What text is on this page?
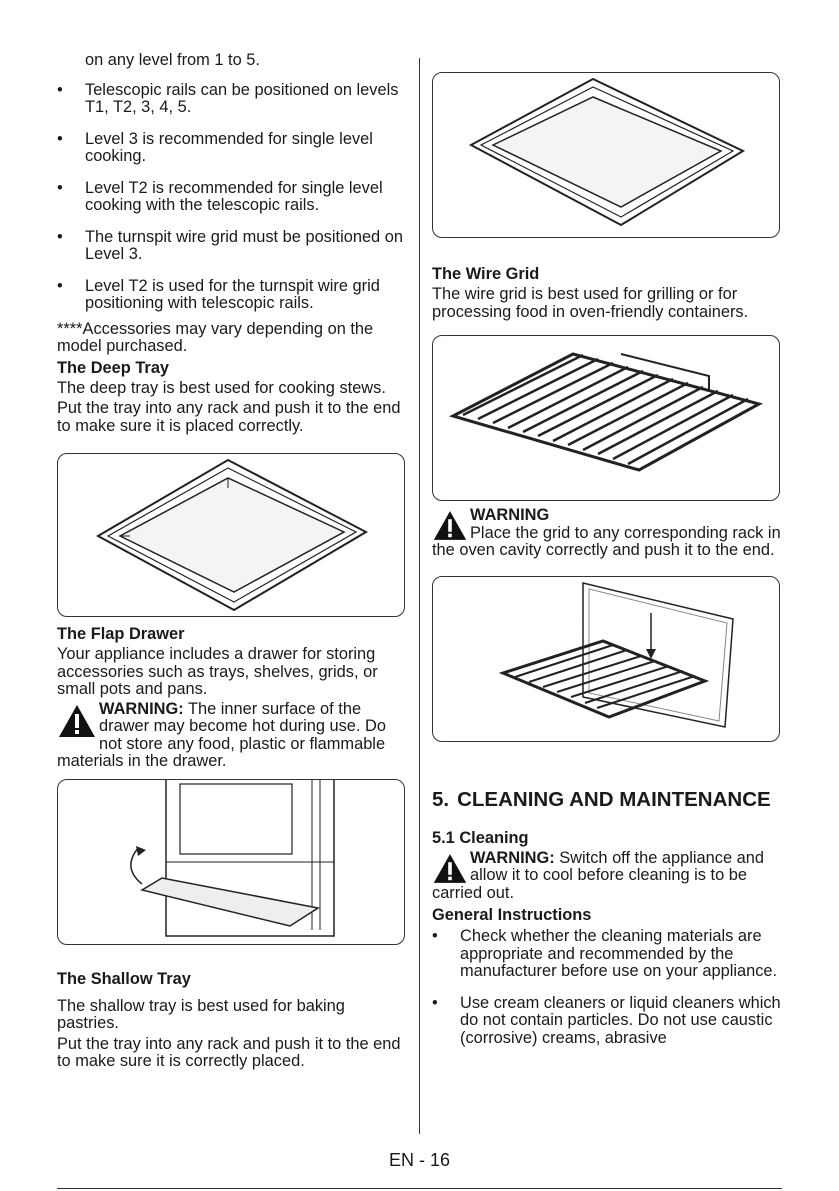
on any level from 1 to 5.

• Telescopic rails can be positioned on levels T1, T2, 3, 4, 5.
• Level 3 is recommended for single level cooking.
• Level T2 is recommended for single level cooking with the telescopic rails.
• The turnspit wire grid must be positioned on Level 3.
• Level T2 is used for the turnspit wire grid positioning with telescopic rails.

****Accessories may vary depending on the model purchased.

The Deep Tray

The deep tray is best used for cooking stews.

Put the tray into any rack and push it to the end to make sure it is placed correctly.

The Flap Drawer

Your appliance includes a drawer for storing accessories such as trays, shelves, grids, or small pots and pans.

WARNING: The inner surface of the drawer may become hot during use. Do not store any food, plastic or flammable materials in the drawer.

The Shallow Tray

The shallow tray is best used for baking pastries.

Put the tray into any rack and push it to the end to make sure it is correctly placed.

The Wire Grid

The wire grid is best used for grilling or for processing food in oven-friendly containers.

WARNING
Place the grid to any corresponding rack in the oven cavity correctly and push it to the end.

5. CLEANING AND MAINTENANCE
5.1 Cleaning

WARNING: Switch off the appliance and allow it to cool before cleaning is to be carried out.

General Instructions
• Check whether the cleaning materials are appropriate and recommended by the manufacturer before use on your appliance.
• Use cream cleaners or liquid cleaners which do not contain particles. Do not use caustic (corrosive) creams, abrasive
EN - 16
